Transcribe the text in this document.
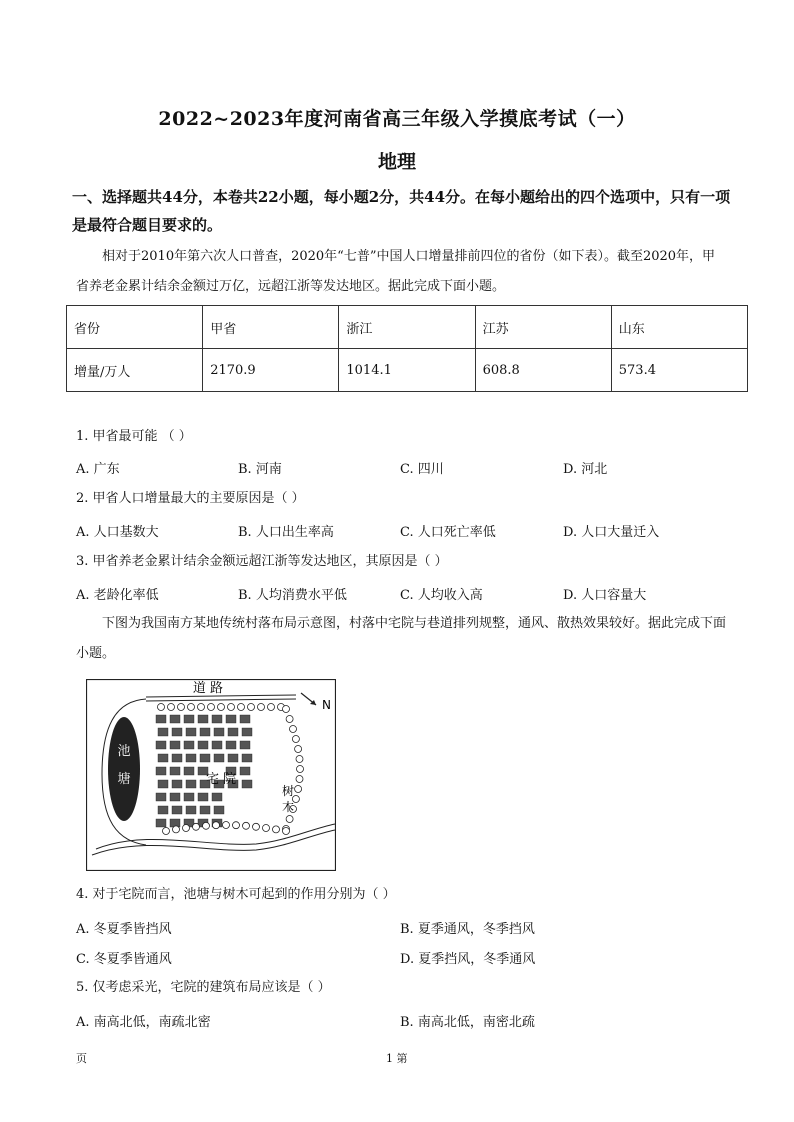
2022~2023年度河南省高三年级入学摸底考试（一）
地理
一、选择题共44分，本卷共22小题，每小题2分，共44分。在每小题给出的四个选项中，只有一项是最符合题目要求的。
相对于2010年第六次人口普查，2020年“七普”中国人口增量排前四位的省份（如下表）。截至2020年，甲省养老金累计结余金额过万亿，远超江浙等发达地区。据此完成下面小题。
省份	甲省	浙江	江苏	山东
增量/万人	2170.9	1014.1	608.8	573.4
1. 甲省最可能 （ ）
A. 广东	B. 河南	C. 四川	D. 河北
2. 甲省人口增量最大的主要原因是（ ）
A. 人口基数大	B. 人口出生率高	C. 人口死亡率低	D. 人口大量迁入
3. 甲省养老金累计结余金额远超江浙等发达地区，其原因是（ ）
A. 老龄化率低	B. 人均消费水平低	C. 人均收入高	D. 人口容量大
下图为我国南方某地传统村落布局示意图，村落中宅院与巷道排列规整，通风、散热效果较好。据此完成下面小题。
池
塘
道 路
N
宅 院
树
木
4. 对于宅院而言，池塘与树木可起到的作用分别为（ ）
A. 冬夏季皆挡风	B. 夏季通风，冬季挡风
C. 冬夏季皆通风	D. 夏季挡风，冬季通风
5. 仅考虑采光，宅院的建筑布局应该是（ ）
A. 南高北低，南疏北密	B. 南高北低，南密北疏
页	1 第
